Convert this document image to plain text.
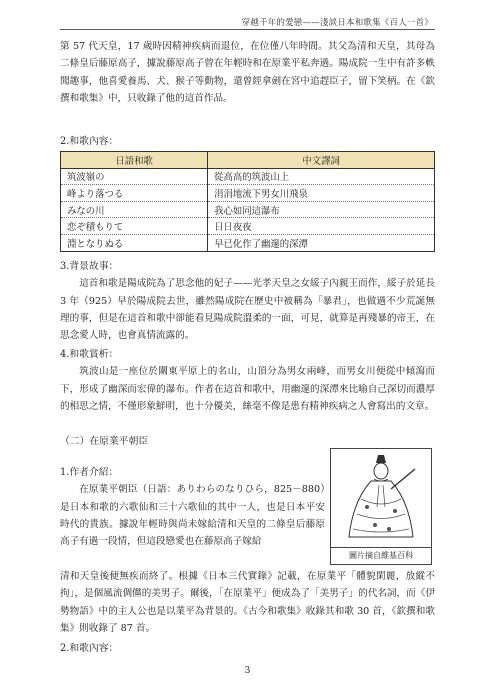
穿越千年的愛戀——淺談日本和歌集《百人一首》

第 57 代天皇，17 歲時因精神疾病而退位，在位僅八年時間。其父為清和天皇，其母為二條皇后藤原高子，據說藤原高子曾在年輕時和在原業平私奔過。陽成院一生中有許多軼聞趣事，他喜愛養馬、犬、猴子等動物，還曾經拿劍在宮中追趕臣子，留下笑柄。在《欽撰和歌集》中，只收錄了他的這首作品。

2.和歌內容：

日語和歌	中文譯詞
筑波嶺の	從高高的筑波山上
峰より落つる	涓涓地流下男女川飛泉
みなの川	我心如同這瀑布
恋ぞ積もりて	日日夜夜
淵となりぬる	早已化作了幽邃的深潭

3.背景故事：

這首和歌是陽成院為了思念他的妃子——光孝天皇之女綏子內親王而作，綏子於延長 3 年（925）早於陽成院去世，雖然陽成院在歷史中被稱為「暴君」，也做過不少荒誕無理的事，但是在這首和歌中卻能看見陽成院溫柔的一面，可見，就算是再殘暴的帝王，在思念愛人時，也會真情流露的。

4.和歌賞析：

筑波山是一座位於關東平原上的名山，山頂分為男女兩峰，而男女川便從中傾瀉而下，形成了幽深而宏偉的瀑布。作者在這首和歌中，用幽邃的深潭來比喻自己深切而濃厚的相思之情，不僅形象鮮明，也十分優美，絲毫不像是患有精神疾病之人會寫出的文章。

（二）在原業平朝臣

1.作者介紹：

在原業平朝臣（日語：ありわらのなりひら，825－880）是日本和歌的六歌仙和三十六歌仙的其中一人，也是日本平安時代的貴族。據說年輕時與尚未嫁給清和天皇的二條皇后藤原高子有過一段情，但這段戀愛也在藤原高子嫁給

圖片摘自維基百科

清和天皇後便無疾而終了。根據《日本三代實錄》記載，在原業平「體貌閑麗，放縱不拘」，是個風流倜儻的美男子。爾後，「在原業平」便成為了「美男子」的代名詞，而《伊勢物語》中的主人公也是以業平為背景的。《古今和歌集》收錄其和歌 30 首，《欽撰和歌集》則收錄了 87 首。

2.和歌內容：

3
